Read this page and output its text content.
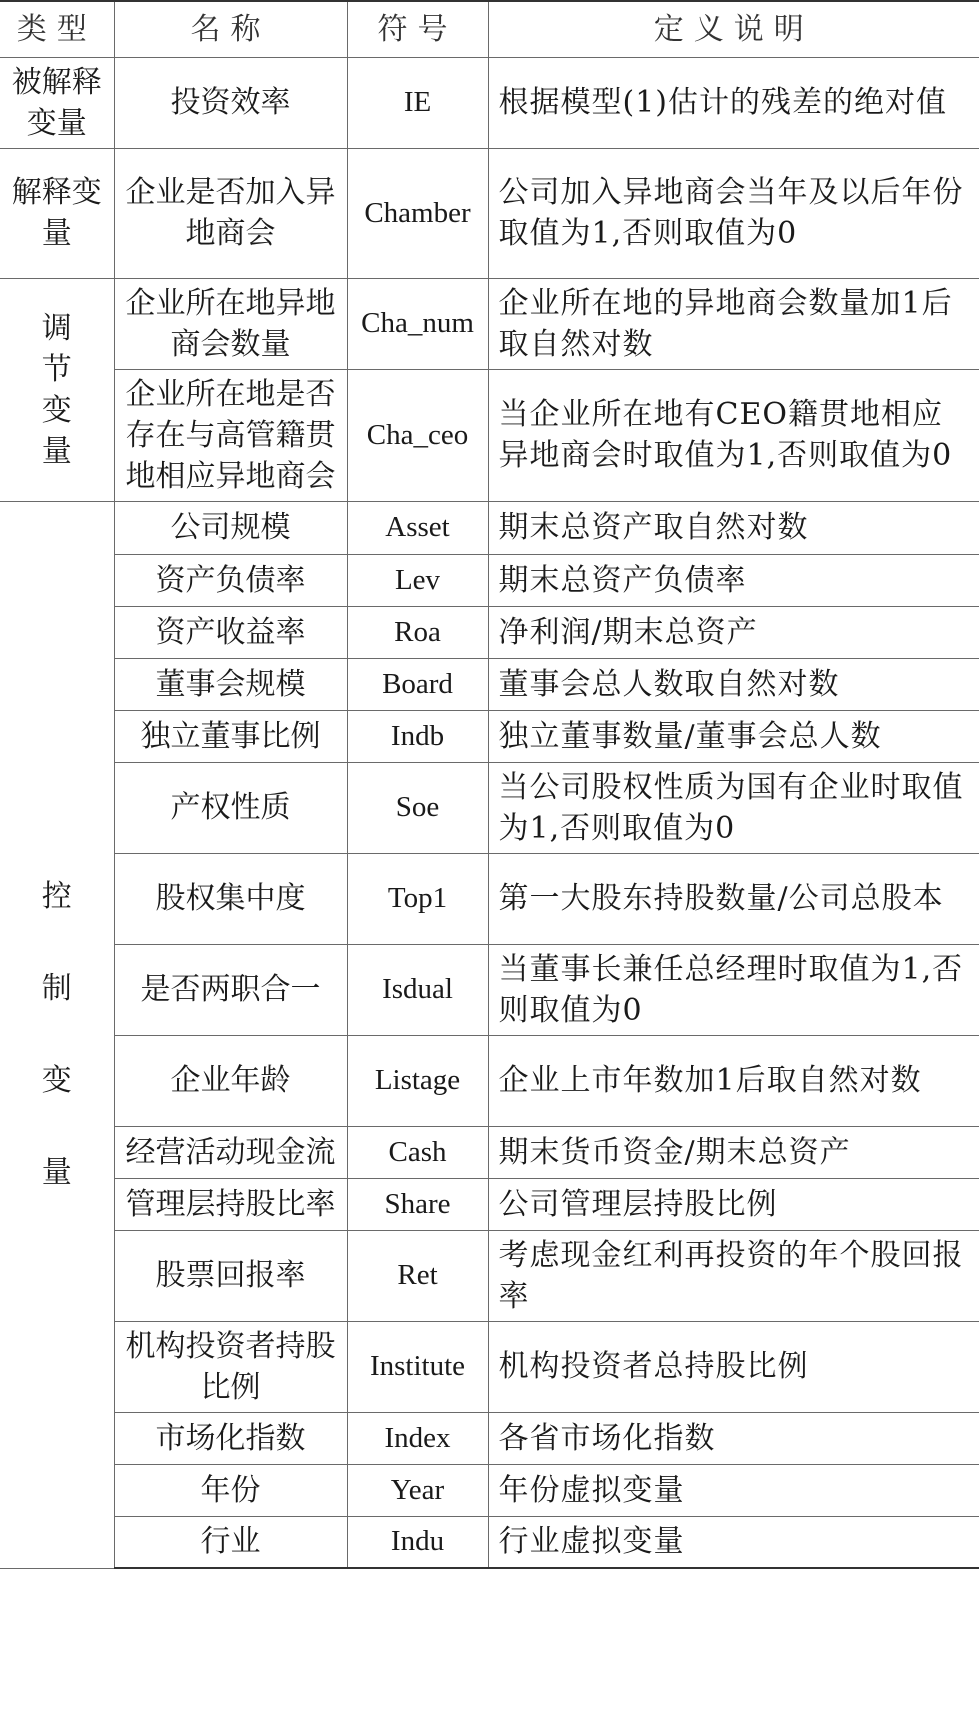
类型	名称	符号	定义说明
被解释变量	投资效率	IE	根据模型(1)估计的残差的绝对值
解释变量	企业是否加入异地商会	Chamber	公司加入异地商会当年及以后年份取值为1,否则取值为0

调节变量	企业所在地异地商会数量	Cha_num	企业所在地的异地商会数量加1后取自然对数
	企业所在地是否存在与高管籍贯地相应异地商会	Cha_ceo	当企业所在地有CEO籍贯地相应异地商会时取值为1,否则取值为0

控制变量	公司规模	Asset	期末总资产取自然对数
	资产负债率	Lev	期末总资产负债率
	资产收益率	Roa	净利润/期末总资产
	董事会规模	Board	董事会总人数取自然对数
	独立董事比例	Indb	独立董事数量/董事会总人数
	产权性质	Soe	当公司股权性质为国有企业时取值为1,否则取值为0
	股权集中度	Top1	第一大股东持股数量/公司总股本
	是否两职合一	Isdual	当董事长兼任总经理时取值为1,否则取值为0
	企业年龄	Listage	企业上市年数加1后取自然对数
	经营活动现金流	Cash	期末货币资金/期末总资产
	管理层持股比率	Share	公司管理层持股比例
	股票回报率	Ret	考虑现金红利再投资的年个股回报率
	机构投资者持股比例	Institute	机构投资者总持股比例
	市场化指数	Index	各省市场化指数
	年份	Year	年份虚拟变量
	行业	Indu	行业虚拟变量
